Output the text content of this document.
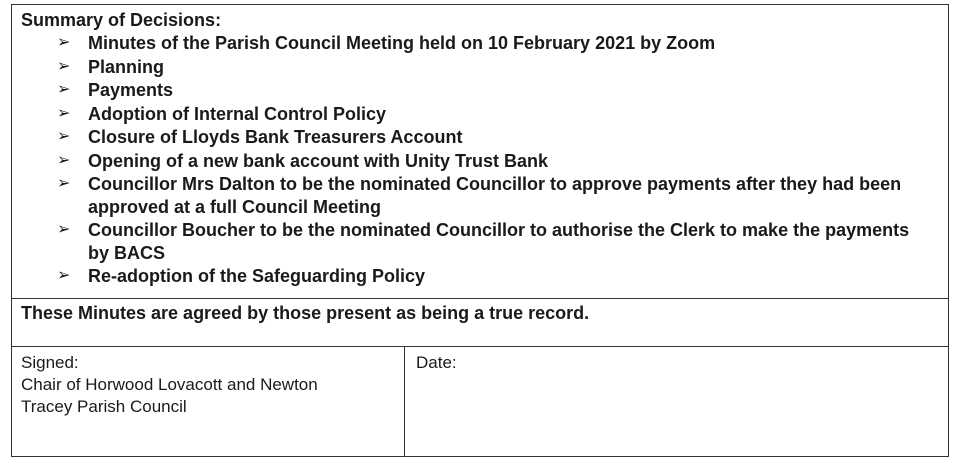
Summary of Decisions:
➢ Minutes of the Parish Council Meeting held on 10 February 2021 by Zoom
➢ Planning
➢ Payments
➢ Adoption of Internal Control Policy
➢ Closure of Lloyds Bank Treasurers Account
➢ Opening of a new bank account with Unity Trust Bank
➢ Councillor Mrs Dalton to be the nominated Councillor to approve payments after they had been approved at a full Council Meeting
➢ Councillor Boucher to be the nominated Councillor to authorise the Clerk to make the payments by BACS
➢ Re-adoption of the Safeguarding Policy
These Minutes are agreed by those present as being a true record.
Signed:
Chair of Horwood Lovacott and Newton
Tracey Parish Council
Date:
